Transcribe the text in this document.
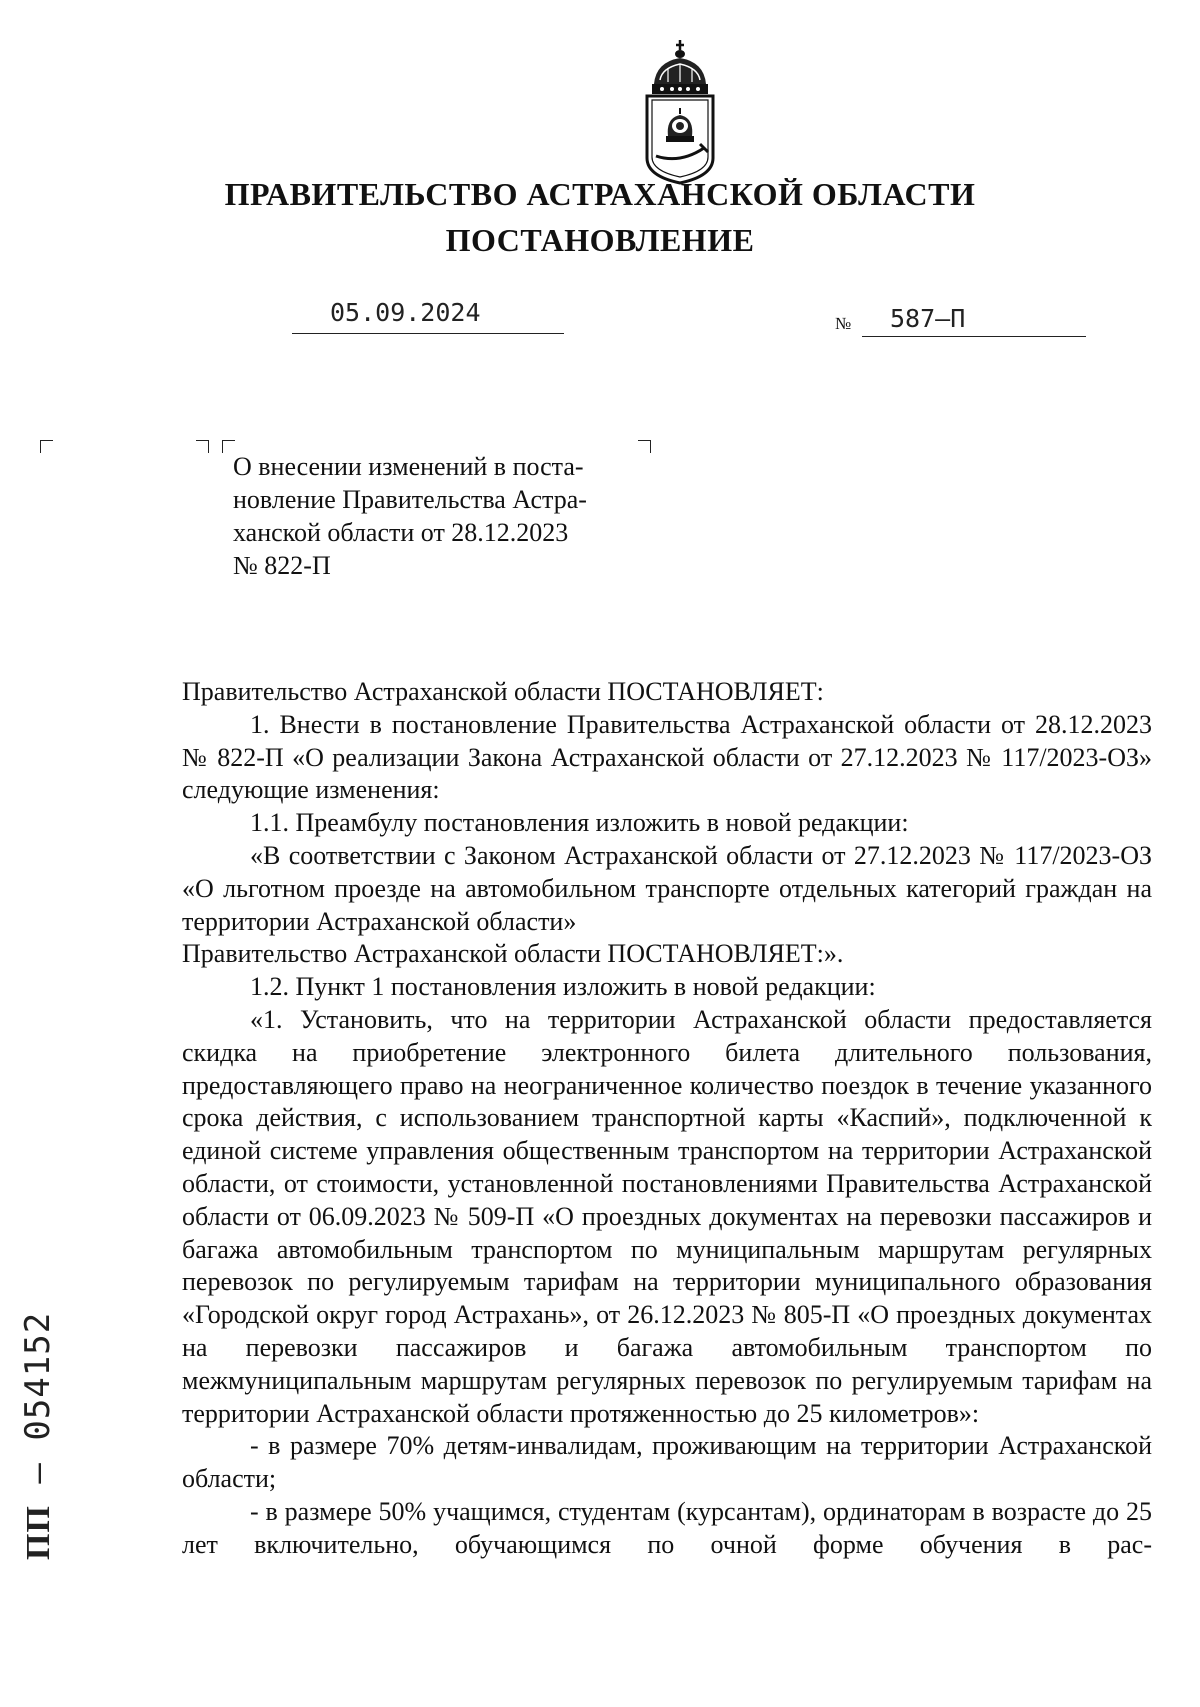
ПРАВИТЕЛЬСТВО АСТРАХАНСКОЙ ОБЛАСТИ
ПОСТАНОВЛЕНИЕ
05.09.2024	№ 587–П
О внесении изменений в поста-
новление Правительства Астра-
ханской области от 28.12.2023
№ 822-П

Правительство Астраханской области ПОСТАНОВЛЯЕТ:

1. Внести в постановление Правительства Астраханской области от 28.12.2023 № 822-П «О реализации Закона Астраханской области от 27.12.2023 № 117/2023-ОЗ» следующие изменения:

1.1. Преамбулу постановления изложить в новой редакции:

«В соответствии с Законом Астраханской области от 27.12.2023 № 117/2023-ОЗ «О льготном проезде на автомобильном транспорте отдельных категорий граждан на территории Астраханской области»

Правительство Астраханской области ПОСТАНОВЛЯЕТ:».

1.2. Пункт 1 постановления изложить в новой редакции:

«1. Установить, что на территории Астраханской области предоставляется скидка на приобретение электронного билета длительного пользования, предоставляющего право на неограниченное количество поездок в течение указанного срока действия, с использованием транспортной карты «Каспий», подключенной к единой системе управления общественным транспортом на территории Астраханской области, от стоимости, установленной постановлениями Правительства Астраханской области от 06.09.2023 № 509-П «О проездных документах на перевозки пассажиров и багажа автомобильным транспортом по муниципальным маршрутам регулярных перевозок по регулируемым тарифам на территории муниципального образования «Городской округ город Астрахань», от 26.12.2023 № 805-П «О проездных документах на перевозки пассажиров и багажа автомобильным транспортом по межмуниципальным маршрутам регулярных перевозок по регулируемым тарифам на территории Астраханской области протяженностью до 25 километров»:

- в размере 70% детям-инвалидам, проживающим на территории Астраханской области;

- в размере 50% учащимся, студентам (курсантам), ординаторам в возрасте до 25 лет включительно, обучающимся по очной форме обучения в рас-

ПП – 054152
